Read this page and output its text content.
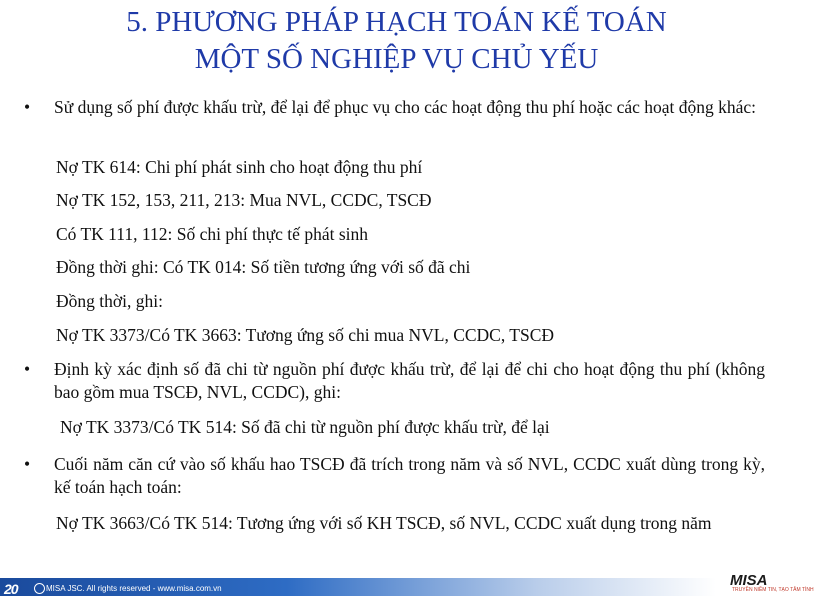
5. PHƯƠNG PHÁP HẠCH TOÁN KẾ TOÁN
MỘT SỐ NGHIỆP VỤ CHỦ YẾU
• Sử dụng số phí được khấu trừ, để lại để phục vụ cho các hoạt động thu phí hoặc các hoạt động khác:
Nợ TK 614: Chi phí phát sinh cho hoạt động thu phí
Nợ TK 152, 153, 211, 213: Mua NVL, CCDC, TSCĐ
Có TK 111, 112: Số chi phí thực tế phát sinh
Đồng thời ghi: Có TK 014: Số tiền tương ứng với số đã chi
Đồng thời, ghi:
Nợ TK 3373/Có TK 3663: Tương ứng số chi mua NVL, CCDC, TSCĐ
• Định kỳ xác định số đã chi từ nguồn phí được khấu trừ, để lại để chi cho hoạt động thu phí (không bao gồm mua TSCĐ, NVL, CCDC), ghi:
Nợ TK 3373/Có TK 514: Số đã chi từ nguồn phí được khấu trừ, để lại
• Cuối năm căn cứ vào số khấu hao TSCĐ đã trích trong năm và số NVL, CCDC xuất dùng trong kỳ, kế toán hạch toán:
Nợ TK 3663/Có TK 514: Tương ứng với số KH TSCĐ, số NVL, CCDC xuất dụng trong năm
20	MISA JSC. All rights reserved - www.misa.com.vn	MISA
TRUYỀN NIỀM TIN, TẠO TÂM TÌNH
